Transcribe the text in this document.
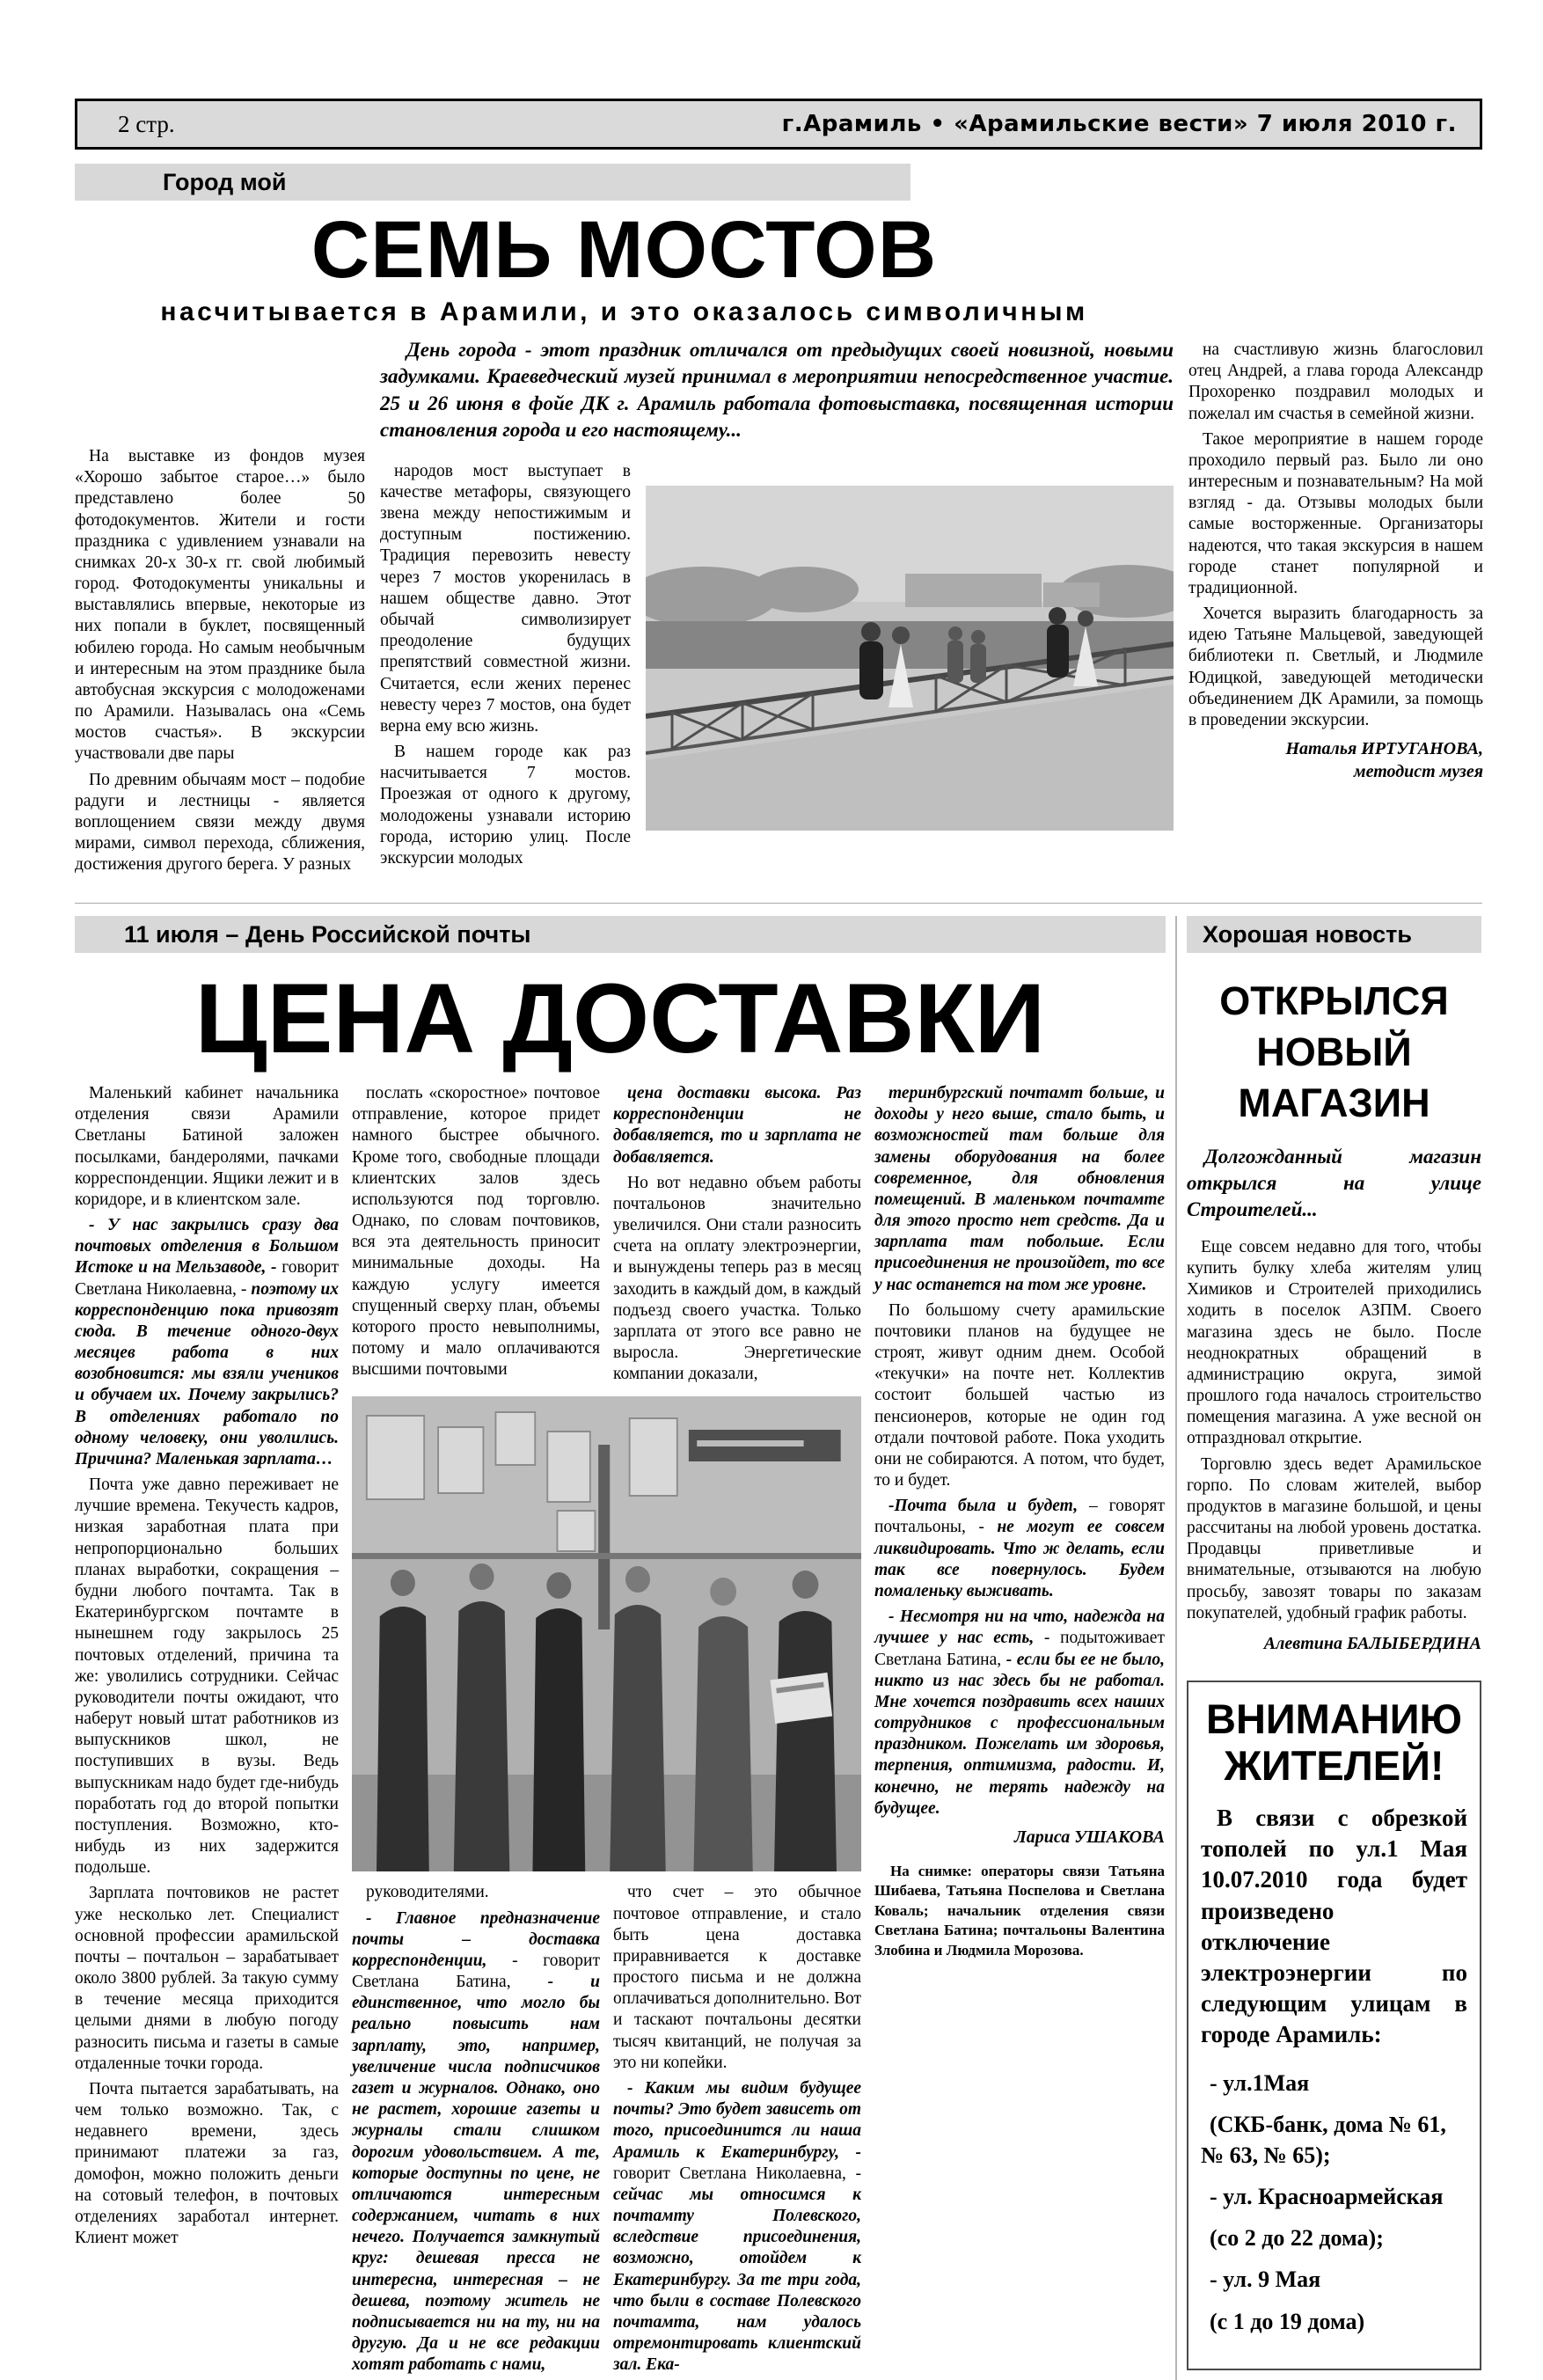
2 стр.	г.Арамиль • «Арамильские вести» 7 июля 2010 г.
Город мой
СЕМЬ МОСТОВ
насчитывается в Арамили, и это оказалось символичным

День города - этот праздник отличался от предыдущих своей новизной, новыми задумками. Краеведческий музей принимал в мероприятии непосредственное участие. 25 и 26 июня в фойе ДК г. Арамиль работала фотовыставка, посвященная истории становления города и его настоящему...

На выставке из фондов музея «Хорошо забытое старое…» было представлено более 50 фотодокументов. Жители и гости праздника с удивлением узнавали на снимках 20-х 30-х гг. свой любимый город. Фотодокументы уникальны и выставлялись впервые, некоторые из них попали в буклет, посвященный юбилею города. Но самым необычным и интересным на этом празднике была автобусная экскурсия с молодоженами по Арамили. Называлась она «Семь мостов счастья». В экскурсии участвовали две пары

По древним обычаям мост – подобие радуги и лестницы - является воплощением связи между двумя мирами, символ перехода, сближения, достижения другого берега. У разных

народов мост выступает в качестве метафоры, связующего звена между непостижимым и доступным постижению. Традиция перевозить невесту через 7 мостов укоренилась в нашем обществе давно. Этот обычай символизирует преодоление будущих препятствий совместной жизни. Считается, если жених перенес невесту через 7 мостов, она будет верна ему всю жизнь.

В нашем городе как раз насчитывается 7 мостов. Проезжая от одного к другому, молодожены узнавали историю города, историю улиц. После экскурсии молодых

на счастливую жизнь благословил отец Андрей, а глава города Александр Прохоренко поздравил молодых и пожелал им счастья в семейной жизни.

Такое мероприятие в нашем городе проходило первый раз. Было ли оно интересным и познавательным? На мой взгляд - да. Отзывы молодых были самые восторженные. Организаторы надеются, что такая экскурсия в нашем городе станет популярной и традиционной.

Хочется выразить благодарность за идею Татьяне Мальцевой, заведующей библиотеки п. Светлый, и Людмиле Юдицкой, заведующей методически объединением ДК Арамили, за помощь в проведении экскурсии.

Наталья ИРТУГАНОВА,

методист музея

11 июля – День Российской почты
ЦЕНА ДОСТАВКИ

Маленький кабинет начальника отделения связи Арамили Светланы Батиной заложен посылками, бандеролями, пачками корреспонденции. Ящики лежит и в коридоре, и в клиентском зале.

- У нас закрылись сразу два почтовых отделения в Большом Истоке и на Мельзаводе, - говорит Светлана Николаевна, - поэтому их корреспонденцию пока привозят сюда. В течение одного-двух месяцев работа в них возобновится: мы взяли учеников и обучаем их. Почему закрылись? В отделениях работало по одному человеку, они уволились. Причина? Маленькая зарплата…

Почта уже давно переживает не лучшие времена. Текучесть кадров, низкая заработная плата при непропорционально больших планах выработки, сокращения – будни любого почтамта. Так в Екатеринбургском почтамте в нынешнем году закрылось 25 почтовых отделений, причина та же: уволились сотрудники. Сейчас руководители почты ожидают, что наберут новый штат работников из выпускников школ, не поступивших в вузы. Ведь выпускникам надо будет где-нибудь поработать год до второй попытки поступления. Возможно, кто-нибудь из них задержится подольше.

Зарплата почтовиков не растет уже несколько лет. Специалист основной профессии арамильской почты – почтальон – зарабатывает около 3800 рублей. За такую сумму в течение месяца приходится целыми днями в любую погоду разносить письма и газеты в самые отдаленные точки города.

Почта пытается зарабатывать, на чем только возможно. Так, с недавнего времени, здесь принимают платежи за газ, домофон, можно положить деньги на сотовый телефон, в почтовых отделениях заработал интернет. Клиент может

послать «скоростное» почтовое отправление, которое придет намного быстрее обычного. Кроме того, свободные площади клиентских залов здесь используются под торговлю. Однако, по словам почтовиков, вся эта деятельность приносит минимальные доходы. На каждую услугу имеется спущенный сверху план, объемы которого просто невыполнимы, потому и мало оплачиваются высшими почтовыми

цена доставки высока. Раз корреспонденции не добавляется, то и зарплата не добавляется.

Но вот недавно объем работы почтальонов значительно увеличился. Они стали разносить счета на оплату электроэнергии, и вынуждены теперь раз в месяц заходить в каждый дом, в каждый подъезд своего участка. Только зарплата от этого все равно не выросла. Энергетические компании доказали,

руководителями.

- Главное предназначение почты – доставка корреспонденции, - говорит Светлана Батина, - и единственное, что могло бы реально повысить нам зарплату, это, например, увеличение числа подписчиков газет и журналов. Однако, оно не растет, хорошие газеты и журналы стали слишком дорогим удовольствием. А те, которые доступны по цене, не отличаются интересным содержанием, читать в них нечего. Получается замкнутый круг: дешевая пресса не интересна, интересная – не дешева, поэтому житель не подписывается ни на ту, ни на другую. Да и не все редакции хотят работать с нами,

что счет – это обычное почтовое отправление, и стало быть цена доставка приравнивается к доставке простого письма и не должна оплачиваться дополнительно. Вот и таскают почтальоны десятки тысяч квитанций, не получая за это ни копейки.

- Каким мы видим будущее почты? Это будет зависеть от того, присоединится ли наша Арамиль к Екатеринбургу, - говорит Светлана Николаевна, - сейчас мы относимся к почтамту Полевского, вследствие присоединения, возможно, отойдем к Екатеринбургу. За те три года, что были в составе Полевского почтамта, нам удалось отремонтировать клиентский зал. Ека-

теринбургский почтамт больше, и доходы у него выше, стало быть, и возможностей там больше для замены оборудования на более современное, для обновления помещений. В маленьком почтамте для этого просто нет средств. Да и зарплата там побольше. Если присоединения не произойдет, то все у нас останется на том же уровне.

По большому счету арамильские почтовики планов на будущее не строят, живут одним днем. Особой «текучки» на почте нет. Коллектив состоит большей частью из пенсионеров, которые не один год отдали почтовой работе. Пока уходить они не собираются. А потом, что будет, то и будет.

-Почта была и будет, – говорят почтальоны, - не могут ее совсем ликвидировать. Что ж делать, если так все повернулось. Будем помаленьку выживать.

- Несмотря ни на что, надежда на лучшее у нас есть, - подытоживает Светлана Батина, - если бы ее не было, никто из нас здесь бы не работал. Мне хочется поздравить всех наших сотрудников с профессиональным праздником. Пожелать им здоровья, терпения, оптимизма, радости. И, конечно, не терять надежду на будущее.

Лариса УШАКОВА

На снимке: операторы связи Татьяна Шибаева, Татьяна Поспелова и Светлана Коваль; начальник отделения связи Светлана Батина; почтальоны Валентина Злобина и Людмила Морозова.

Хорошая новость
ОТКРЫЛСЯ НОВЫЙ МАГАЗИН

Долгожданный магазин открылся на улице Строителей...

Еще совсем недавно для того, чтобы купить булку хлеба жителям улиц Химиков и Строителей приходились ходить в поселок АЗПМ. Своего магазина здесь не было. После неоднократных обращений в администрацию округа, зимой прошлого года началось строительство помещения магазина. А уже весной он отпраздновал открытие.

Торговлю здесь ведет Арамильское горпо. По словам жителей, выбор продуктов в магазине большой, и цены рассчитаны на любой уровень достатка. Продавцы приветливые и внимательные, отзываются на любую просьбу, завозят товары по заказам покупателей, удобный график работы.

Алевтина БАЛЫБЕРДИНА

ВНИМАНИЮ ЖИТЕЛЕЙ!

В связи с обрезкой тополей по ул.1 Мая 10.07.2010 года будет произведено отключение электроэнергии по следующим улицам в городе Арамиль:

- ул.1Мая

(СКБ-банк, дома № 61, № 63, № 65);

- ул. Красноармейская

(со 2 до 22 дома);

- ул. 9 Мая

(с 1 до 19 дома)
